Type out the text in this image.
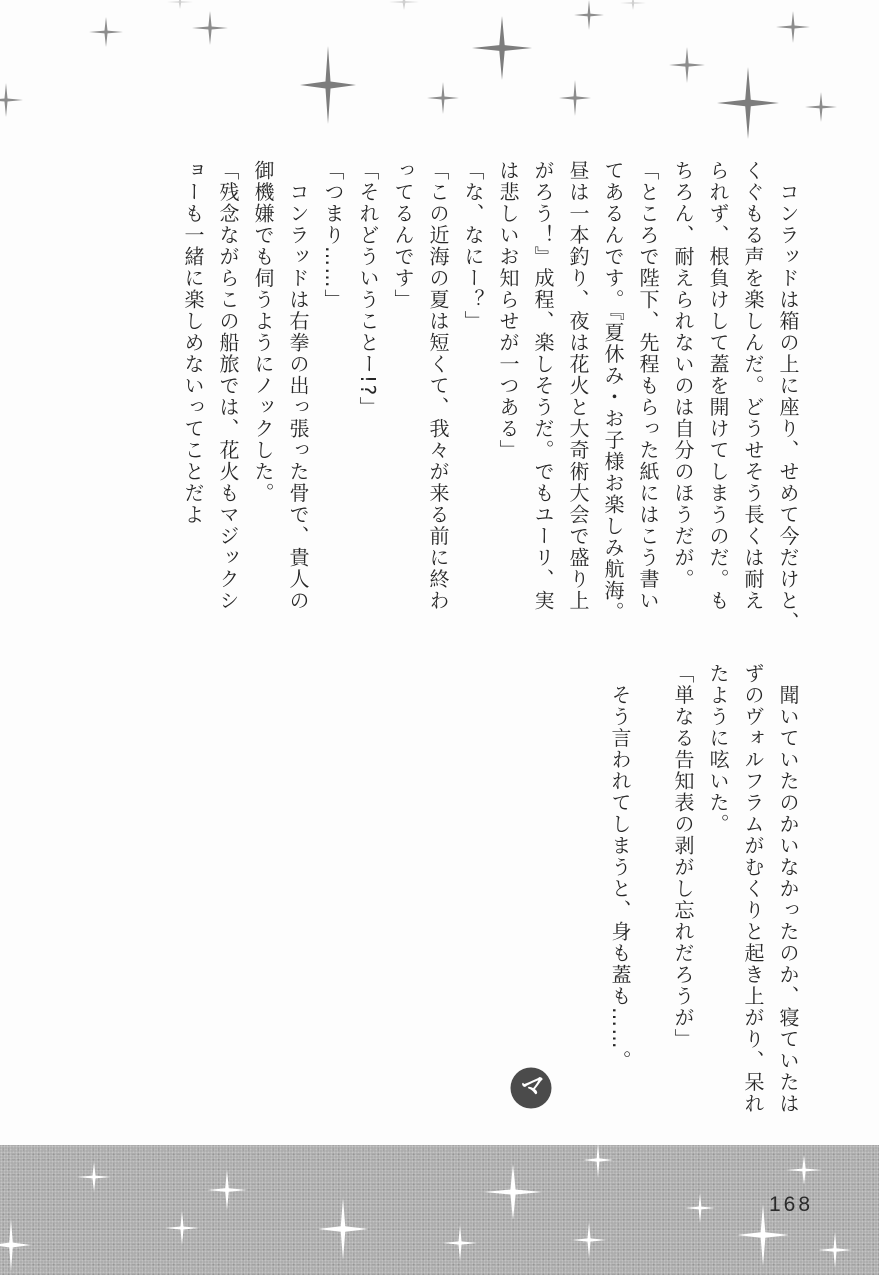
　コンラッドは箱の上に座り、せめて今だけと、
くぐもる声を楽しんだ。どうせそう長くは耐え
られず、根負けして蓋を開けてしまうのだ。も
ちろん、耐えられないのは自分のほうだが。
「ところで陛下、先程もらった紙にはこう書い
てあるんです。『夏休み・お子様お楽しみ航海。
昼は一本釣り、夜は花火と大奇術大会で盛り上
がろう！』成程、楽しそうだ。でもユーリ、実
は悲しいお知らせが一つある」
「な、なにー？」
「この近海の夏は短くて、我々が来る前に終わ
ってるんです」
「それどういうことー!?」
「つまり……」
　コンラッドは右拳の出っ張った骨で、貴人の
御機嫌でも伺うようにノックした。
「残念ながらこの船旅では、花火もマジックシ
ョーも一緒に楽しめないってことだよ
　聞いていたのかいなかったのか、寝ていたは
ずのヴォルフラムがむくりと起き上がり、呆れ
たように呟いた。
「単なる告知表の剥がし忘れだろうが」
　そう言われてしまうと、身も蓋も……。
マ
168
